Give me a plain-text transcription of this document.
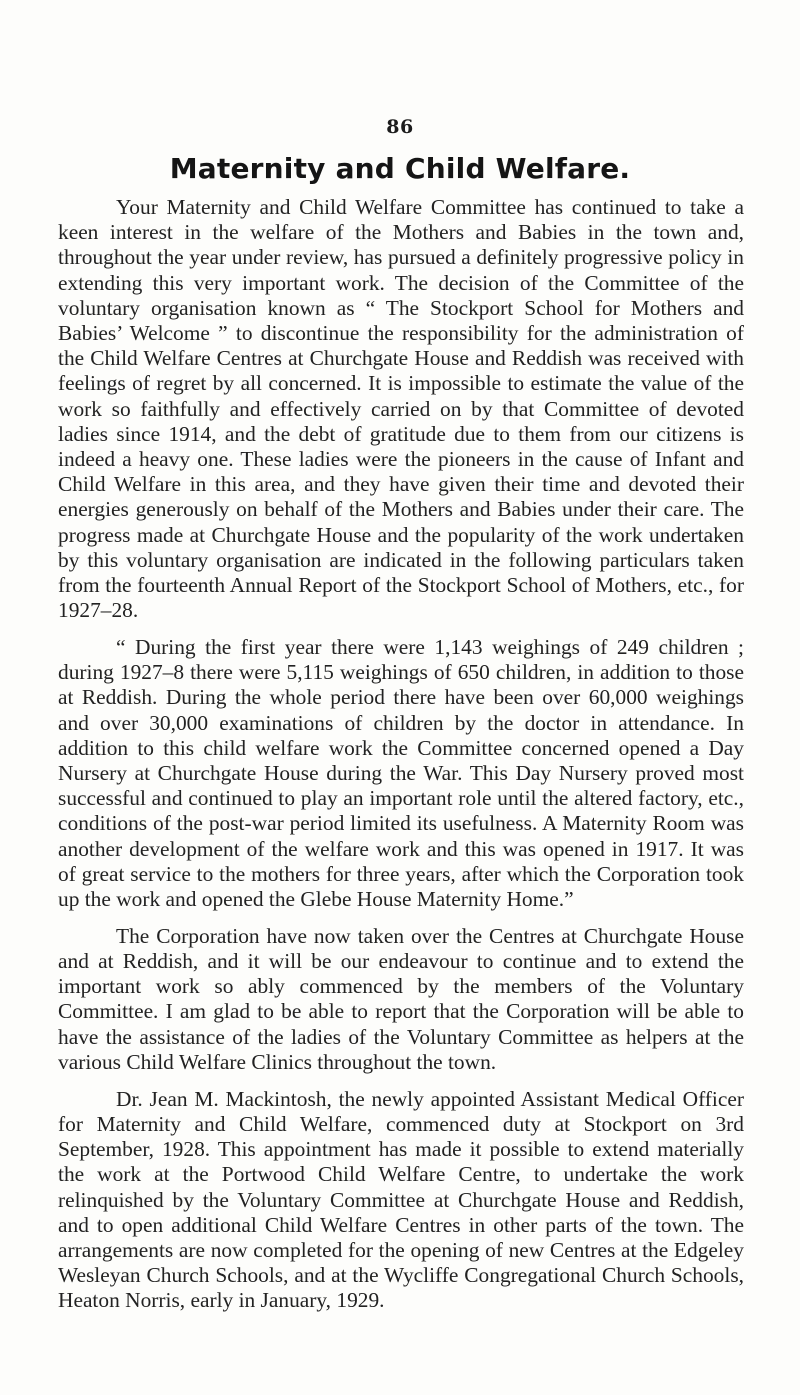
86
Maternity and Child Welfare.

Your Maternity and Child Welfare Committee has continued to take a keen interest in the welfare of the Mothers and Babies in the town and, throughout the year under review, has pursued a definitely progressive policy in extending this very important work. The decision of the Committee of the voluntary organisation known as “ The Stockport School for Mothers and Babies’ Welcome ” to discontinue the responsibility for the administration of the Child Welfare Centres at Churchgate House and Reddish was received with feelings of regret by all concerned. It is impossible to estimate the value of the work so faithfully and effectively carried on by that Committee of devoted ladies since 1914, and the debt of gratitude due to them from our citizens is indeed a heavy one. These ladies were the pioneers in the cause of Infant and Child Welfare in this area, and they have given their time and devoted their energies generously on behalf of the Mothers and Babies under their care. The progress made at Churchgate House and the popularity of the work undertaken by this voluntary organisation are indicated in the following particulars taken from the fourteenth Annual Report of the Stockport School of Mothers, etc., for 1927–28.

“ During the first year there were 1,143 weighings of 249 children ; during 1927–8 there were 5,115 weighings of 650 children, in addition to those at Reddish. During the whole period there have been over 60,000 weighings and over 30,000 examinations of children by the doctor in attendance. In addition to this child welfare work the Committee concerned opened a Day Nursery at Churchgate House during the War. This Day Nursery proved most successful and continued to play an important role until the altered factory, etc., conditions of the post-war period limited its usefulness. A Maternity Room was another development of the welfare work and this was opened in 1917. It was of great service to the mothers for three years, after which the Corporation took up the work and opened the Glebe House Maternity Home.”

The Corporation have now taken over the Centres at Churchgate House and at Reddish, and it will be our endeavour to continue and to extend the important work so ably commenced by the members of the Voluntary Committee. I am glad to be able to report that the Corporation will be able to have the assistance of the ladies of the Voluntary Committee as helpers at the various Child Welfare Clinics throughout the town.

Dr. Jean M. Mackintosh, the newly appointed Assistant Medical Officer for Maternity and Child Welfare, commenced duty at Stockport on 3rd September, 1928. This appointment has made it possible to extend materially the work at the Portwood Child Welfare Centre, to undertake the work relinquished by the Voluntary Committee at Churchgate House and Reddish, and to open additional Child Welfare Centres in other parts of the town. The arrangements are now completed for the opening of new Centres at the Edgeley Wesleyan Church Schools, and at the Wycliffe Congregational Church Schools, Heaton Norris, early in January, 1929.
